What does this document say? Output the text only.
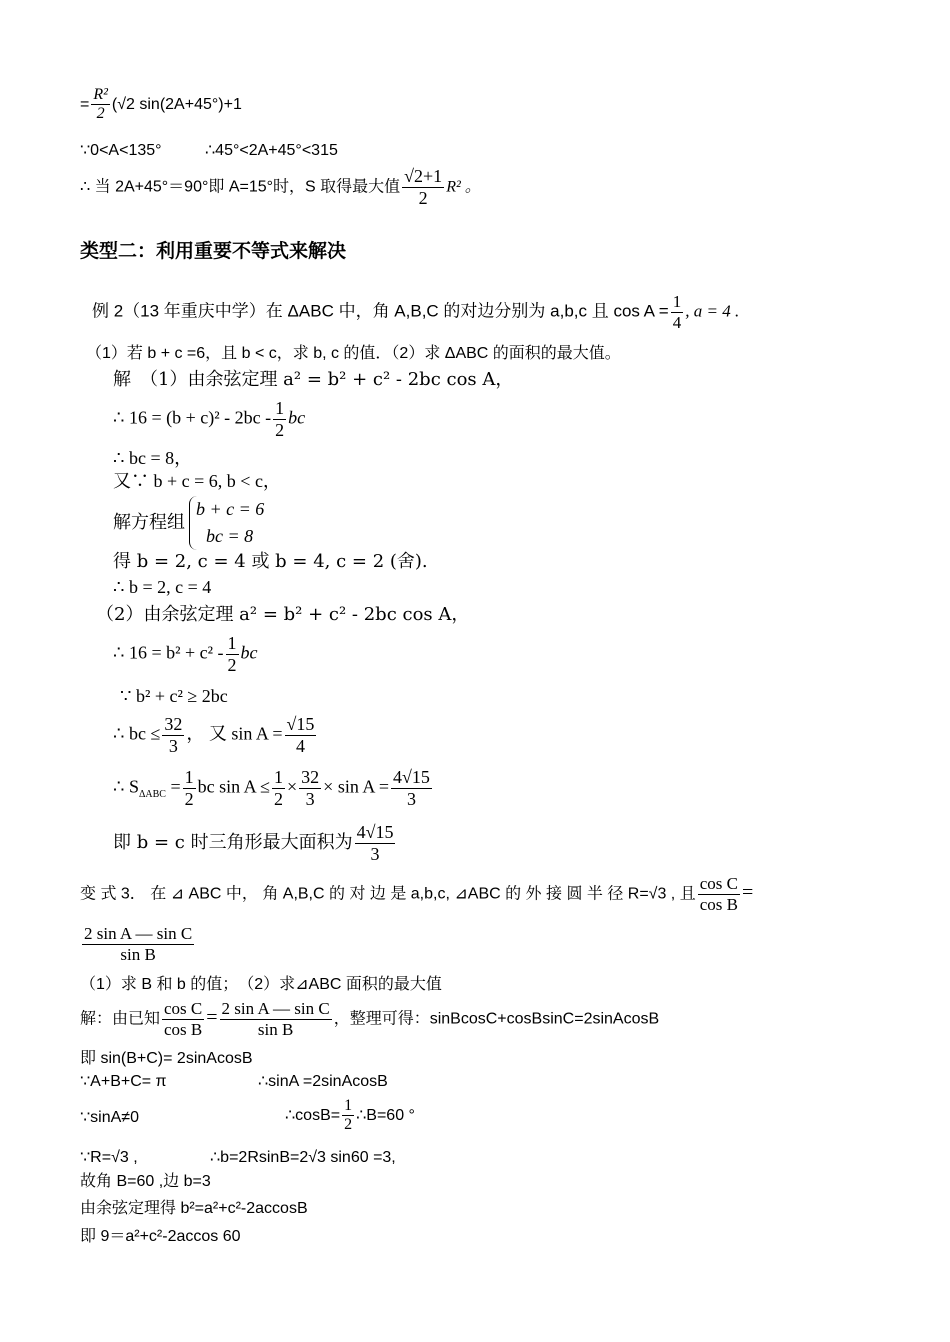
= $\frac{\text{R²}}{2} (√2$ sin(2A+45°)+1
∵0<A<135°	∴45°<2A+45°<315
∴ 当 2A+45°＝90°即 A=15°时，S 取得最大值 $\frac{√2+1}{2} R^2$ 。
类型二：利用重要不等式来解决
例 2（13 年重庆中学）在 ΔABC 中，角 A,B,C 的对边分别为 a,b,c 且 $\cos A = \frac{1}{4}$ , a = 4 .
（1）若 b + c =6，且 b < c，求 b, c 的值．（2）求 ΔABC 的面积的最大值。
解　（1）由余弦定理 a² = b² + c² - 2bc cos A，
∴ $16 = (b + c)^2 - 2bc - \frac{1}{2}$ bc
∴ bc = 8，
又∵ b + c = 6, b < c，
解方程组
b + c = 6
bc = 8
得 b = 2, c = 4 或 b = 4, c = 2 (舍).
∴ b = 2, c = 4
（2）由余弦定理 a² = b² + c² - 2bc cos A，
∴ $16 = b^2 + c^2 - \frac{1}{2}$ bc
∵ b² + c² ≥ 2bc
∴ bc ≤ $\frac{32}{3}$ ， 又 $\sin A = \frac{√15}{4}$
∴ $S_{\Delta ABC} = \frac{1}{2}$ bc $\sin A \le \frac{1}{2} \times \frac{32}{3} \times \sin A = \frac{4√15}{3}$
即 b = c 时三角形最大面积为 $\frac{4√15}{3}$
变 式 3． 在 ⊿ ABC 中， 角 A,B,C 的 对 边 是 a,b,c, ⊿ABC 的 外 接 圆 半 径 R=√3 , 且 $\frac{\text{cos C}}{\text{cos B}}$ =
$\frac{\text{2 sin A — sin C}}{\text{sin B}}$
（1）求 B 和 b 的值；　（2）求⊿ABC 面积的最大值
解：由已知 $\frac{\text{cos C}}{\text{cos B}} = \frac{\text{2 sin A — sin C}}{\text{sin B}}$ ，整理可得：sinBcosC+cosBsinC=2sinAcosB
即 sin(B+C)= 2sinAcosB
∵A+B+C= π	∴sinA =2sinAcosB
∵sinA≠0	∴cosB= $\frac{1}{2}$ ∴B=60 °
∵R=√3 ,	∴b=2RsinB=2√3 sin60 =3,
故角 B=60 ,边 b=3
由余弦定理得 b²=a²+c²-2accosB
即 9＝a²+c²-2accos 60
